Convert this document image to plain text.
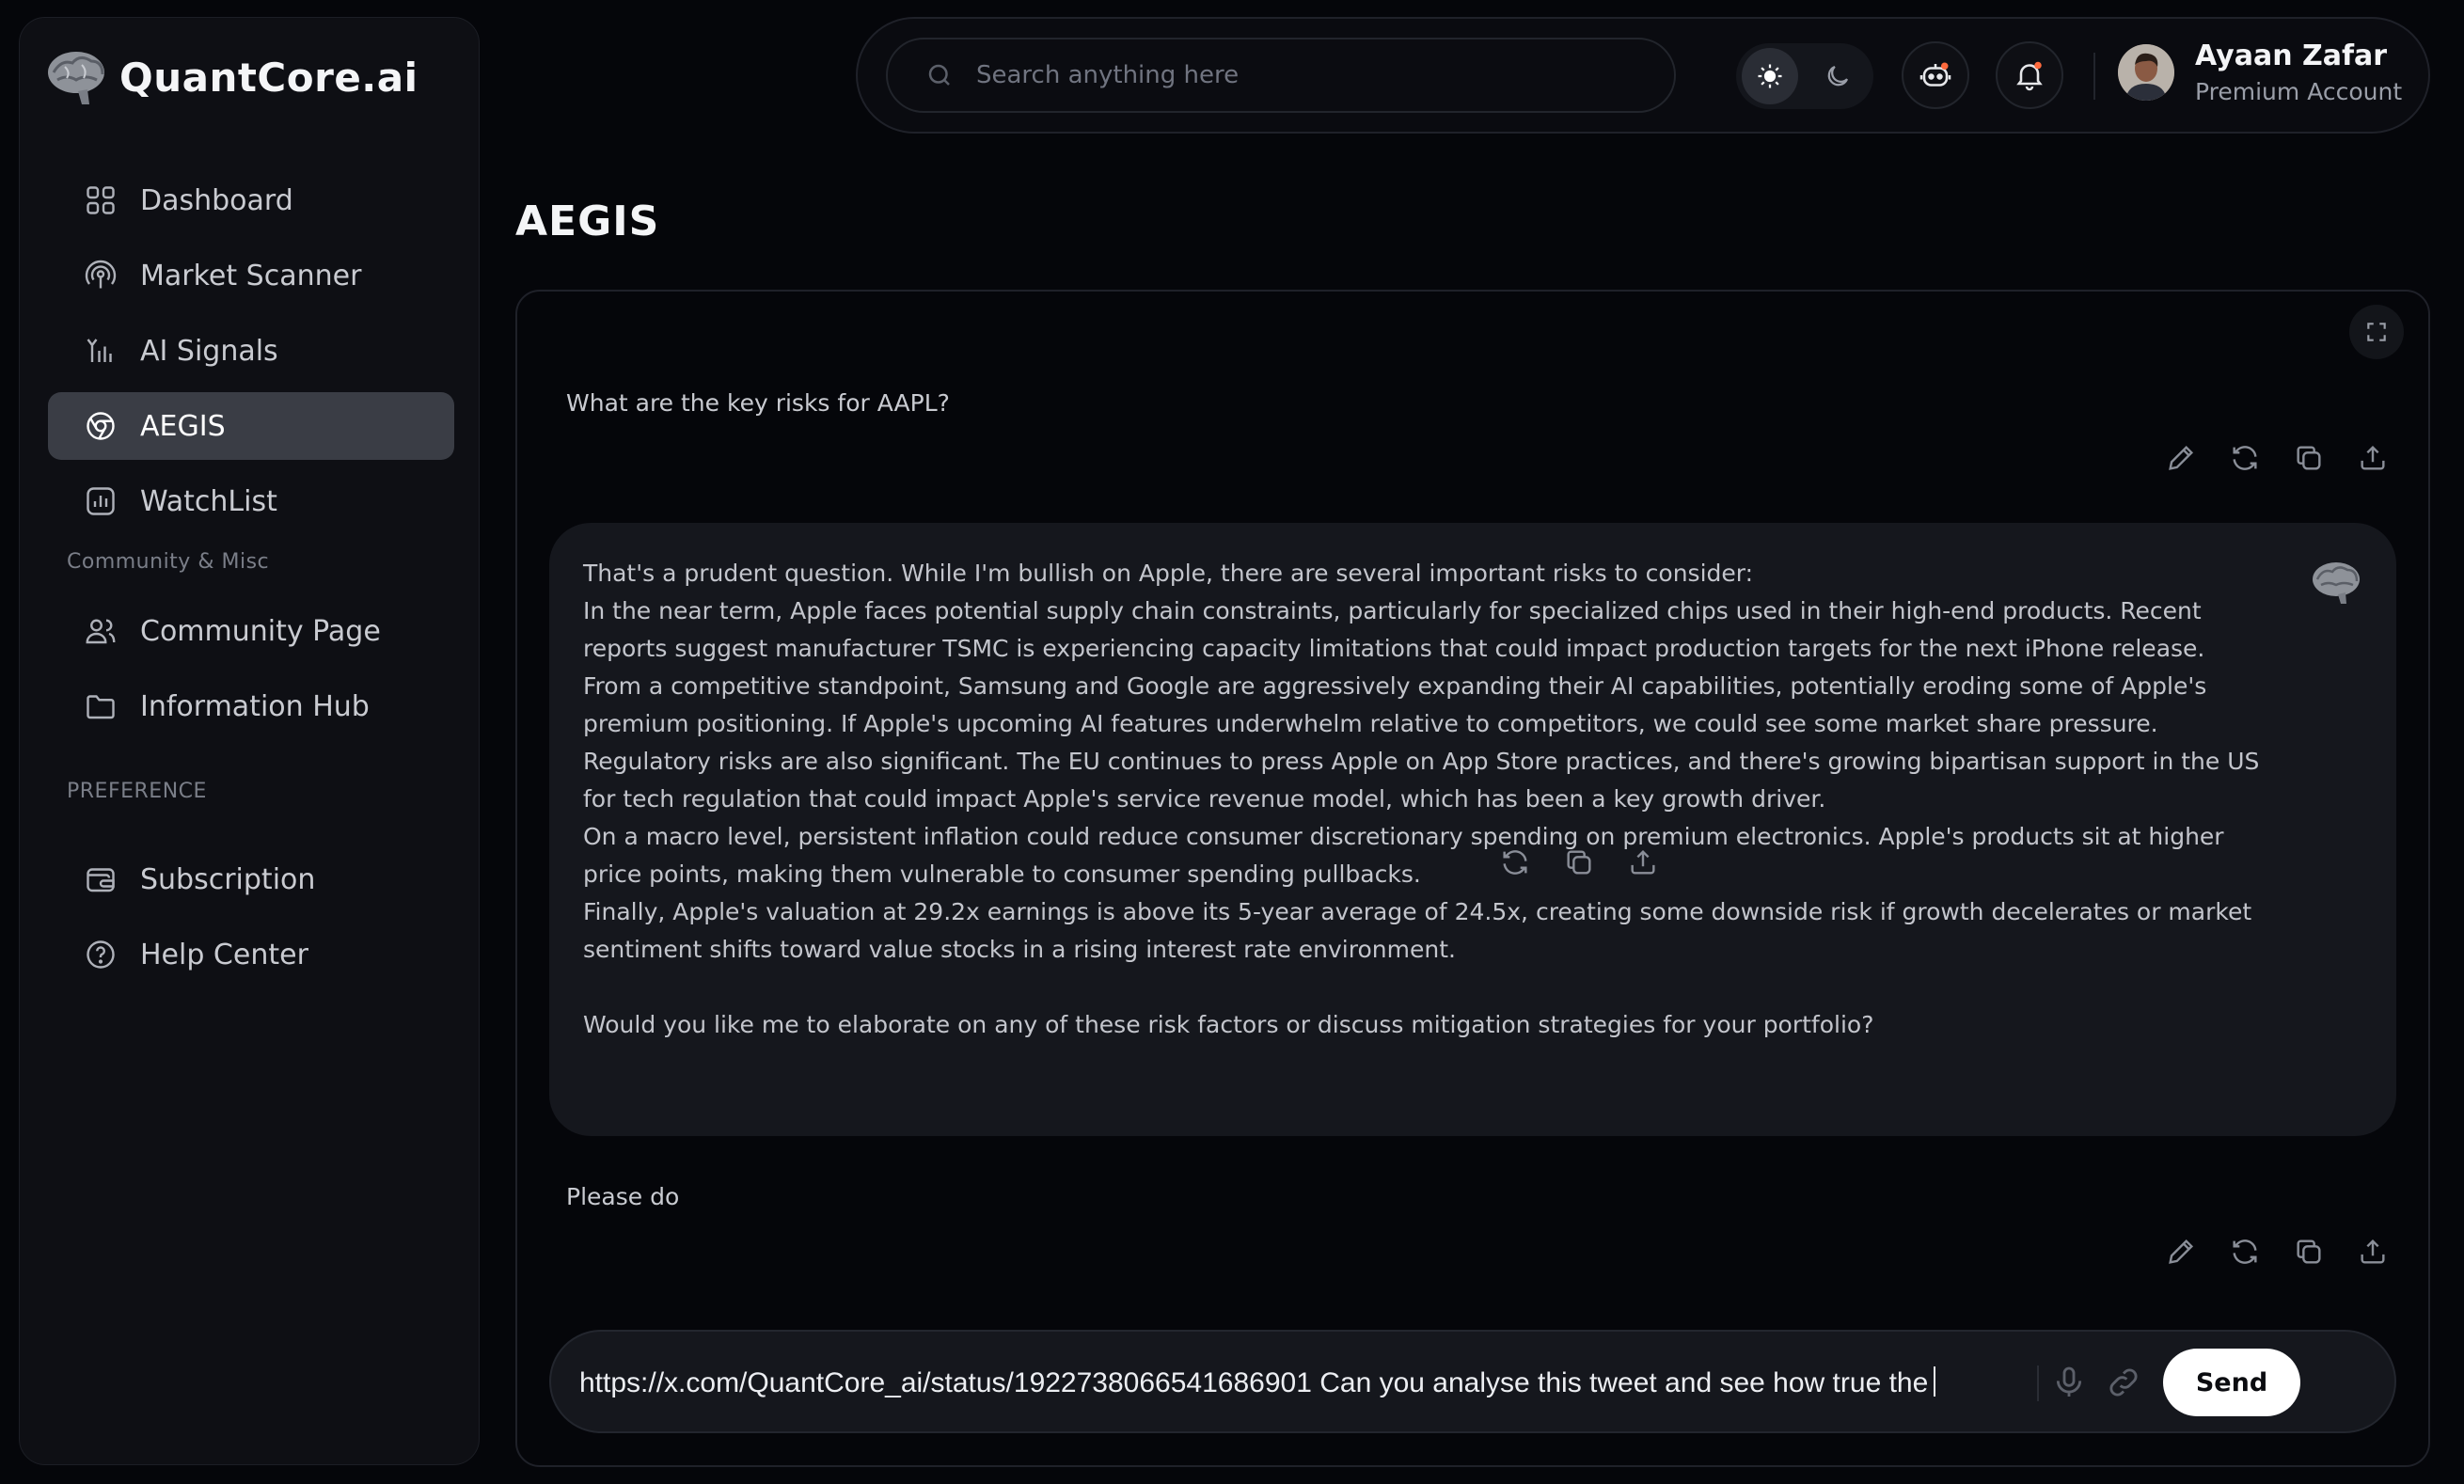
QuantCore.ai
Dashboard
Market Scanner
AI Signals
AEGIS
WatchList
Community & Misc
Community Page
Information Hub
PREFERENCE
Subscription
Help Center
Search anything here
Ayaan Zafar
Premium Account
AEGIS
What are the key risks for AAPL?

That's a prudent question. While I'm bullish on Apple, there are several important risks to consider:

In the near term, Apple faces potential supply chain constraints, particularly for specialized chips used in their high-end products. Recent reports suggest manufacturer TSMC is experiencing capacity limitations that could impact production targets for the next iPhone release.

From a competitive standpoint, Samsung and Google are aggressively expanding their AI capabilities, potentially eroding some of Apple's premium positioning. If Apple's upcoming AI features underwhelm relative to competitors, we could see some market share pressure.

Regulatory risks are also significant. The EU continues to press Apple on App Store practices, and there's growing bipartisan support in the US for tech regulation that could impact Apple's service revenue model, which has been a key growth driver.

On a macro level, persistent inflation could reduce consumer discretionary spending on premium electronics. Apple's products sit at higher price points, making them vulnerable to consumer spending pullbacks.

Finally, Apple's valuation at 29.2x earnings is above its 5-year average of 24.5x, creating some downside risk if growth decelerates or market sentiment shifts toward value stocks in a rising interest rate environment.

Would you like me to elaborate on any of these risk factors or discuss mitigation strategies for your portfolio?

Please do
https://x.com/QuantCore_ai/status/1922738066541686901 Can you analyse this tweet and see how true the	Send
